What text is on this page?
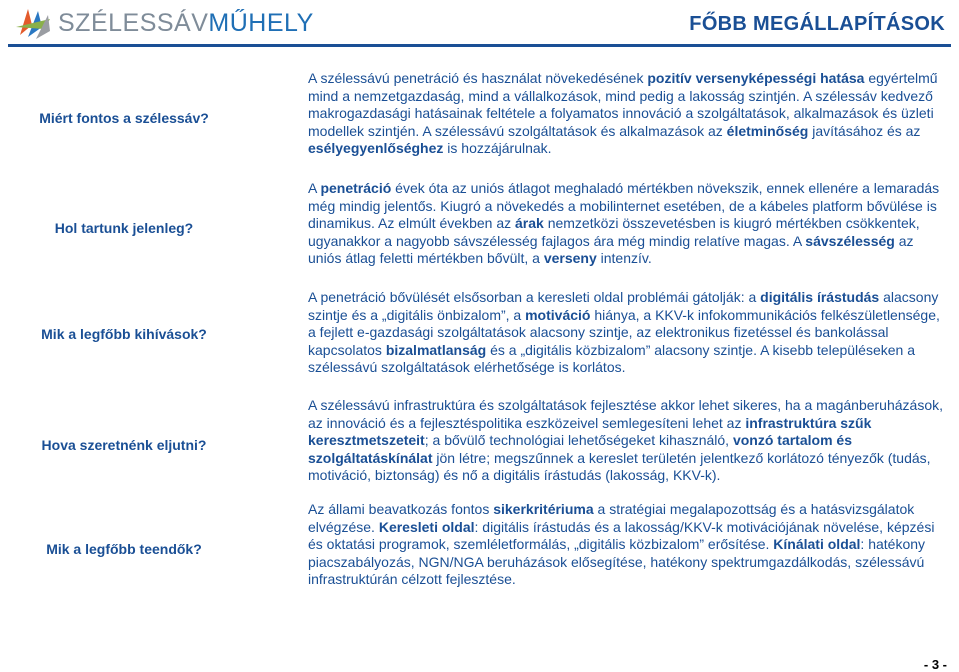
SZÉLESSÁVMŰHELY	FŐBB MEGÁLLAPÍTÁSOK
Miért fontos a szélessáv?
A szélessávú penetráció és használat növekedésének pozitív versenyképességi hatása egyértelmű mind a nemzetgazdaság, mind a vállalkozások, mind pedig a lakosság szintjén. A szélessáv kedvező makrogazdasági hatásainak feltétele a folyamatos innováció a szolgáltatások, alkalmazások és üzleti modellek szintjén. A szélessávú szolgáltatások és alkalmazások az életminőség javításához és az esélyegyenlőséghez is hozzájárulnak.
Hol tartunk jelenleg?
A penetráció évek óta az uniós átlagot meghaladó mértékben növekszik, ennek ellenére a lemaradás még mindig jelentős. Kiugró a növekedés a mobilinternet esetében, de a kábeles platform bővülése is dinamikus. Az elmúlt években az árak nemzetközi összevetésben is kiugró mértékben csökkentek, ugyanakkor a nagyobb sávszélesség fajlagos ára még mindig relatíve magas. A sávszélesség az uniós átlag feletti mértékben bővült, a verseny intenzív.
Mik a legfőbb kihívások?
A penetráció bővülését elsősorban a keresleti oldal problémái gátolják: a digitális írástudás alacsony szintje és a „digitális önbizalom”, a motiváció hiánya, a KKV-k infokommunikációs felkészületlensége, a fejlett e-gazdasági szolgáltatások alacsony szintje, az elektronikus fizetéssel és bankolással kapcsolatos bizalmatlanság és a „digitális közbizalom” alacsony szintje. A kisebb településeken a szélessávú szolgáltatások elérhetősége is korlátos.
Hova szeretnénk eljutni?
A szélessávú infrastruktúra és szolgáltatások fejlesztése akkor lehet sikeres, ha a magánberuházások, az innováció és a fejlesztéspolitika eszközeivel semlegesíteni lehet az infrastruktúra szűk keresztmetszeteit; a bővülő technológiai lehetőségeket kihasználó, vonzó tartalom és szolgáltatáskínálat jön létre; megszűnnek a kereslet területén jelentkező korlátozó tényezők (tudás, motiváció, biztonság) és nő a digitális írástudás (lakosság, KKV-k).
Mik a legfőbb teendők?
Az állami beavatkozás fontos sikerkritériuma a stratégiai megalapozottság és a hatásvizsgálatok elvégzése. Keresleti oldal: digitális írástudás és a lakosság/KKV-k motivációjának növelése, képzési és oktatási programok, szemléletformálás, „digitális közbizalom” erősítése. Kínálati oldal: hatékony piacszabályozás, NGN/NGA beruházások elősegítése, hatékony spektrumgazdálkodás, szélessávú infrastruktúrán célzott fejlesztése.
- 3 -
